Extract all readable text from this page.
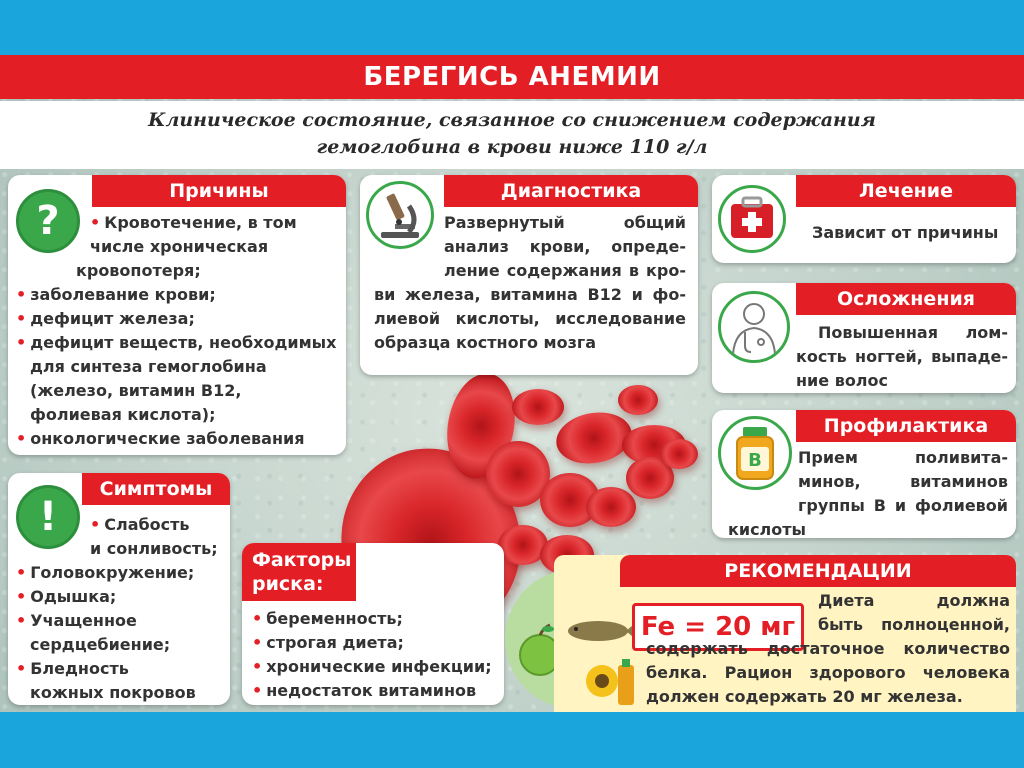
БЕРЕГИСЬ АНЕМИИ
Клиническое состояние, связанное со снижением содержания
гемоглобина в крови ниже 110 г/л
Причины
?	• Кровотечение, в том
числе хроническая
кровопотеря;
• заболевание крови;
• дефицит железа;
• дефицит веществ, необходимых
для синтеза гемоглобина
(железо, витамин В12,
фолиевая кислота);
• онкологические заболевания
Диагностика
Развернутый общий
анализ крови, опреде-
ление содержания в кро-
ви железа, витамина В12 и фо-
лиевой кислоты, исследование
образца костного мозга
Лечение
Зависит от причины
Осложнения
Повышенная лом-
кость ногтей, выпаде-
ние волос
Профилактика
B	Прием поливита-
минов, витаминов
группы В и фолиевой
кислоты
Симптомы
!	• Слабость
и сонливость;
• Головокружение;
• Одышка;
• Учащенное
сердцебиение;
• Бледность
кожных покровов
Факторы
риска:
• беременность;
• строгая диета;
• хронические инфекции;
• недостаток витаминов
РЕКОМЕНДАЦИИ
Fe = 20 мг
Диета должна
быть полноценной,
содержать достаточное количество
белка. Рацион здорового человека
должен содержать 20 мг железа.
